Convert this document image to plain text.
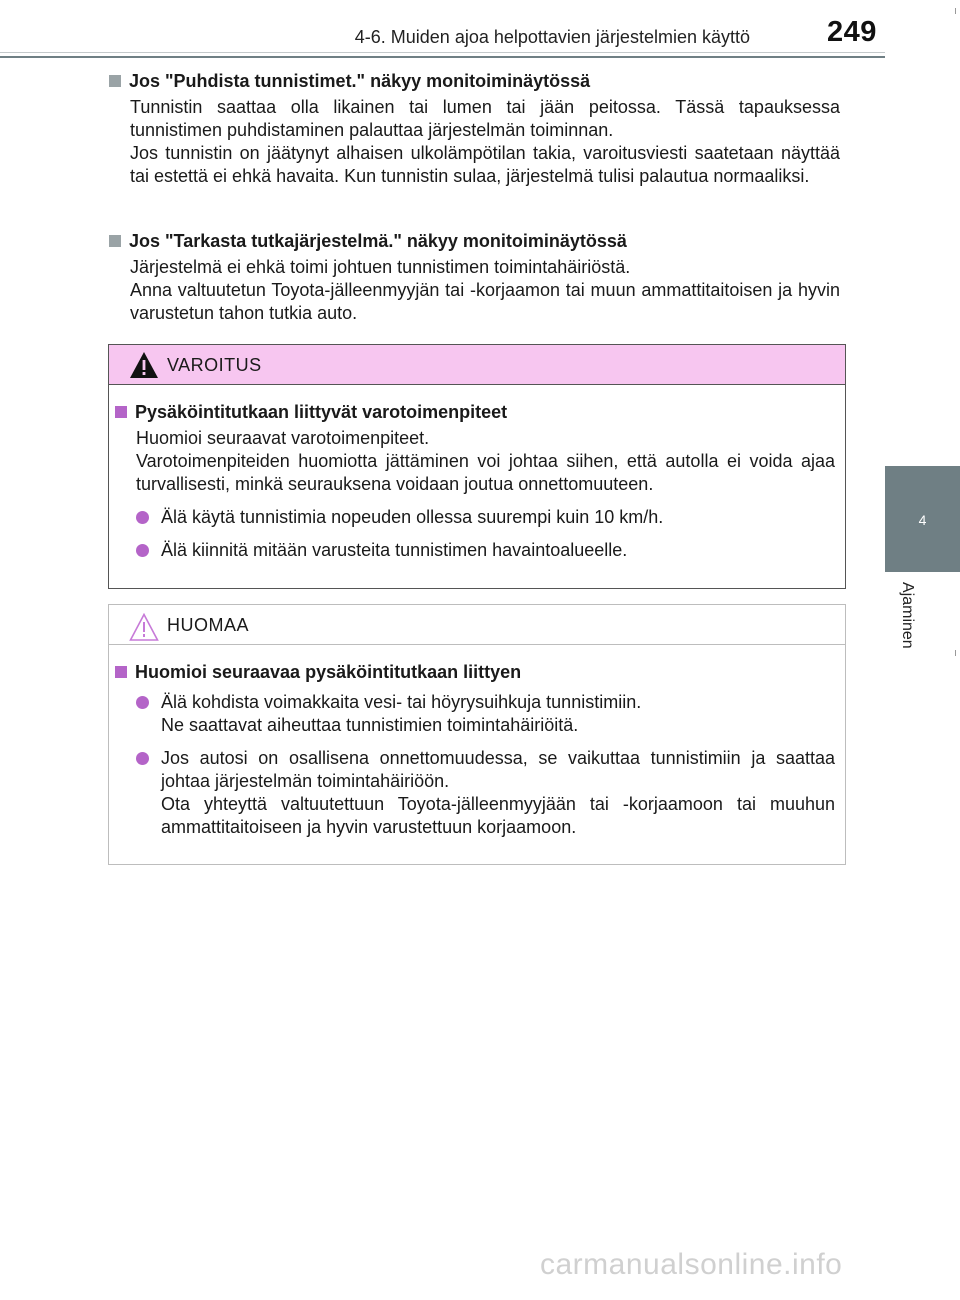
4-6. Muiden ajoa helpottavien järjestelmien käyttö	249
4
Ajaminen
Jos "Puhdista tunnistimet." näkyy monitoiminäytössä
Tunnistin saattaa olla likainen tai lumen tai jään peitossa. Tässä tapauksessa tunnistimen puhdistaminen palauttaa järjestelmän toiminnan.
Jos tunnistin on jäätynyt alhaisen ulkolämpötilan takia, varoitusviesti saatetaan näyttää tai estettä ei ehkä havaita. Kun tunnistin sulaa, järjestelmä tulisi palautua normaaliksi.
Jos "Tarkasta tutkajärjestelmä." näkyy monitoiminäytössä
Järjestelmä ei ehkä toimi johtuen tunnistimen toimintahäiriöstä.
Anna valtuutetun Toyota-jälleenmyyjän tai -korjaamon tai muun ammattitaitoisen ja hyvin varustetun tahon tutkia auto.
VAROITUS
Pysäköintitutkaan liittyvät varotoimenpiteet
Huomioi seuraavat varotoimenpiteet.
Varotoimenpiteiden huomiotta jättäminen voi johtaa siihen, että autolla ei voida ajaa turvallisesti, minkä seurauksena voidaan joutua onnettomuuteen.
Älä käytä tunnistimia nopeuden ollessa suurempi kuin 10 km/h.
Älä kiinnitä mitään varusteita tunnistimen havaintoalueelle.
HUOMAA
Huomioi seuraavaa pysäköintitutkaan liittyen
Älä kohdista voimakkaita vesi- tai höyrysuihkuja tunnistimiin.
Ne saattavat aiheuttaa tunnistimien toimintahäiriöitä.
Jos autosi on osallisena onnettomuudessa, se vaikuttaa tunnistimiin ja saattaa johtaa järjestelmän toimintahäiriöön.
Ota yhteyttä valtuutettuun Toyota-jälleenmyyjään tai -korjaamoon tai muuhun ammattitaitoiseen ja hyvin varustettuun korjaamoon.
carmanualsonline.info
